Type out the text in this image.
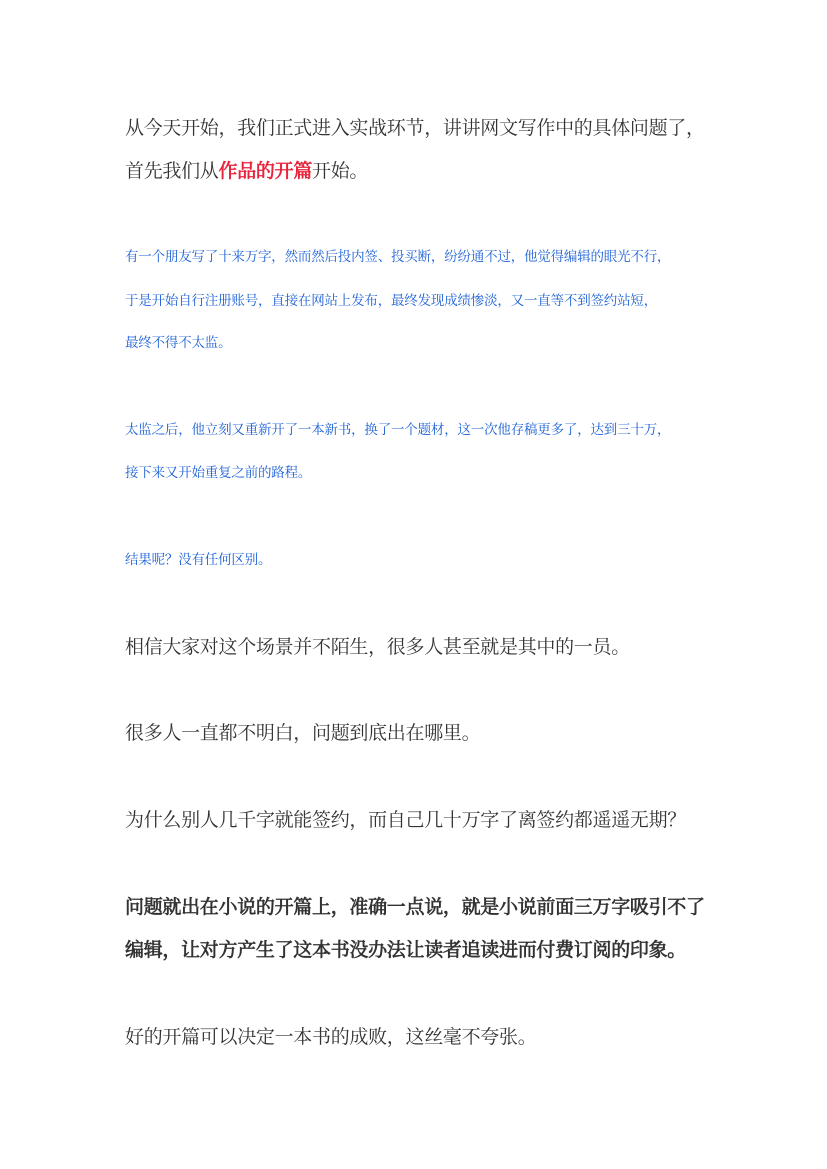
从今天开始，我们正式进入实战环节，讲讲网文写作中的具体问题了，

首先我们从作品的开篇开始。

有一个朋友写了十来万字，然而然后投内签、投买断，纷纷通不过，他觉得编辑的眼光不行，

于是开始自行注册账号，直接在网站上发布，最终发现成绩惨淡，又一直等不到签约站短，

最终不得不太监。

太监之后，他立刻又重新开了一本新书，换了一个题材，这一次他存稿更多了，达到三十万，

接下来又开始重复之前的路程。

结果呢？没有任何区别。

相信大家对这个场景并不陌生，很多人甚至就是其中的一员。

很多人一直都不明白，问题到底出在哪里。

为什么别人几千字就能签约，而自己几十万字了离签约都遥遥无期？

问题就出在小说的开篇上，准确一点说，就是小说前面三万字吸引不了

编辑，让对方产生了这本书没办法让读者追读进而付费订阅的印象。

好的开篇可以决定一本书的成败，这丝毫不夸张。
